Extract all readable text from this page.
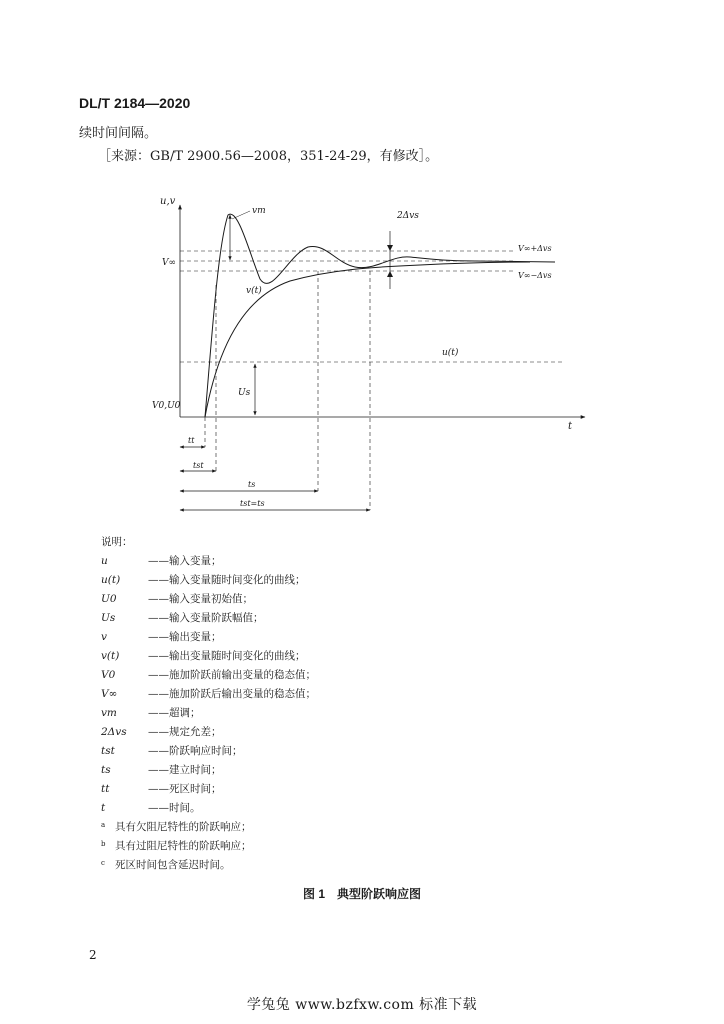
DL/T 2184—2020
续时间间隔。
［来源：GB/T 2900.56—2008，351-24-29，有修改］。
u,v
t
V∞
V0,U0
vm	2Δvs
V∞+Δvs
V∞−Δvs
v(t)
u(t)
Us
tt
tst
ts
tst=ts
说明：
u	——输入变量；
u(t)	——输入变量随时间变化的曲线；
U0	——输入变量初始值；
Us	——输入变量阶跃幅值；
v	——输出变量；
v(t)	——输出变量随时间变化的曲线；
V0	——施加阶跃前输出变量的稳态值；
V∞	——施加阶跃后输出变量的稳态值；
vm	——超调；
2Δvs	——规定允差；
tst	——阶跃响应时间；
ts	——建立时间；
tt	——死区时间；
t	——时间。
a 具有欠阻尼特性的阶跃响应；
b 具有过阻尼特性的阶跃响应；
c 死区时间包含延迟时间。
图 1　典型阶跃响应图
2
学兔兔 www.bzfxw.com 标准下载
